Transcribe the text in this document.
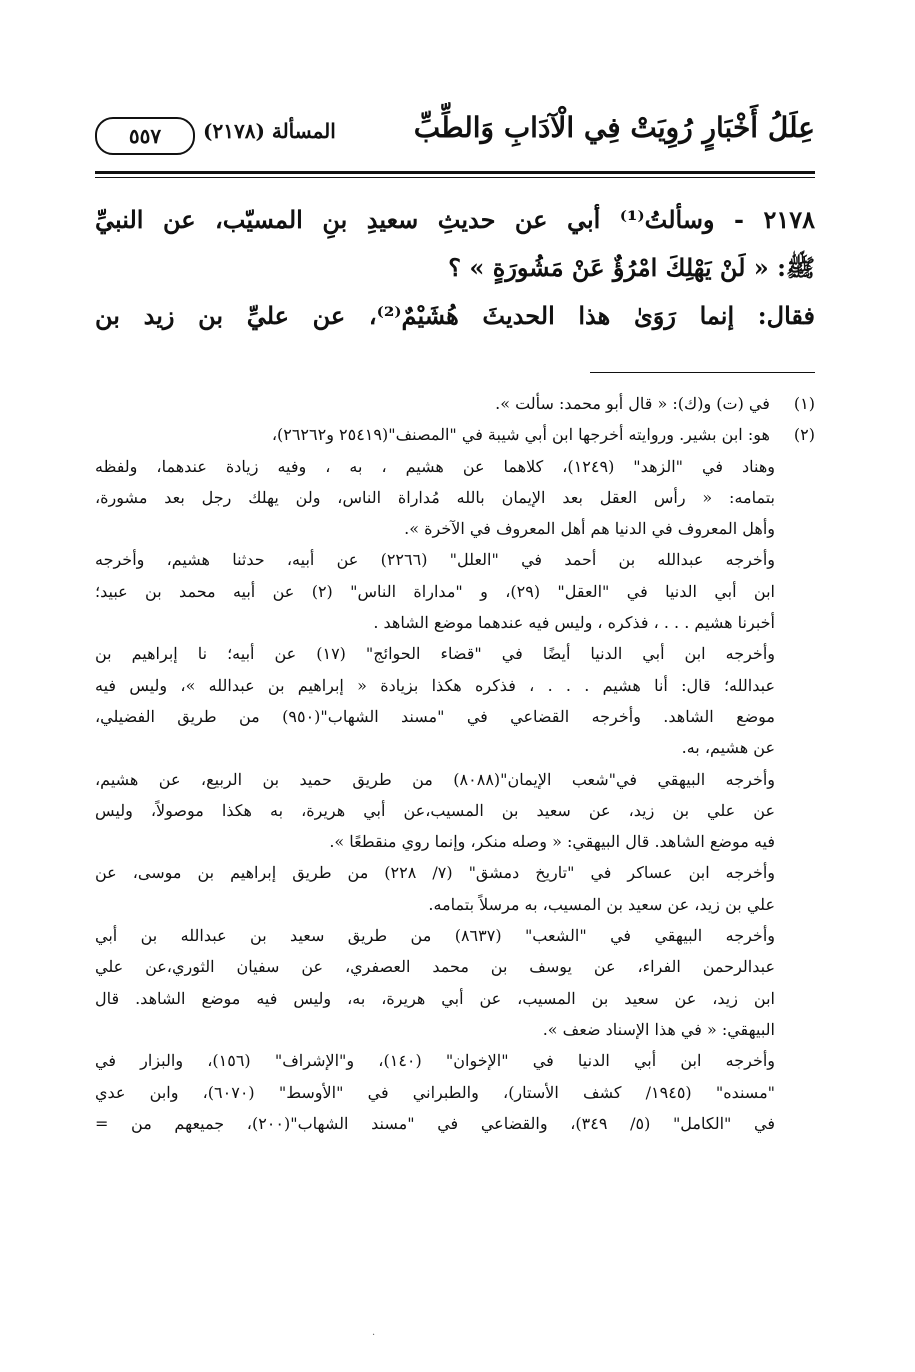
عِلَلُ أَخْبَارٍ رُوِيَتْ فِي الْآدَابِ وَالطِّبِّ
المسألة (٢١٧٨)
٥٥٧
٢١٧٨ - وسألتُ⁽¹⁾ أبي عن حديثِ سعيدِ بنِ المسيّب، عن النبيِّ
ﷺ: « لَنْ يَهْلِكَ امْرُؤٌ عَنْ مَشُورَةٍ » ؟
فقال: إنما رَوَىٰ هذا الحديثَ هُشَيْمٌ⁽²⁾، عن عليِّ بن زيد بن
(١) في (ت) و(ك): « قال أبو محمد: سألت ».
(٢) هو: ابن بشير. وروايته أخرجها ابن أبي شيبة في "المصنف"(٢٥٤١٩ و٢٦٢٦٢)،
وهناد في "الزهد" (١٢٤٩)، كلاهما عن هشيم ، به ، وفيه زيادة عندهما، ولفظه
بتمامه: « رأس العقل بعد الإيمان بالله مُداراة الناس، ولن يهلك رجل بعد مشورة،
وأهل المعروف في الدنيا هم أهل المعروف في الآخرة ».
وأخرجه عبدالله بن أحمد في "العلل" (٢٢٦٦) عن أبيه، حدثنا هشيم، وأخرجه
ابن أبي الدنيا في "العقل" (٢٩)، و "مداراة الناس" (٢) عن أبيه محمد بن عبيد؛
أخبرنا هشيم . . . ، فذكره ، وليس فيه عندهما موضع الشاهد .
وأخرجه ابن أبي الدنيا أيضًا في "قضاء الحوائج" (١٧) عن أبيه؛ نا إبراهيم بن
عبدالله؛ قال: أنا هشيم . . . ، فذكره هكذا بزيادة « إبراهيم بن عبدالله »، وليس فيه
موضع الشاهد. وأخرجه القضاعي في "مسند الشهاب"(٩٥٠) من طريق الفضيلي،
عن هشيم، به.
وأخرجه البيهقي في"شعب الإيمان"(٨٠٨٨) من طريق حميد بن الربيع، عن هشيم،
عن علي بن زيد، عن سعيد بن المسيب،عن أبي هريرة، به هكذا موصولاً، وليس
فيه موضع الشاهد. قال البيهقي: « وصله منكر، وإنما روي منقطعًا ».
وأخرجه ابن عساكر في "تاريخ دمشق" (٧/ ٢٢٨) من طريق إبراهيم بن موسى، عن
علي بن زيد، عن سعيد بن المسيب، به مرسلاً بتمامه.
وأخرجه البيهقي في "الشعب" (٨٦٣٧) من طريق سعيد بن عبدالله بن أبي
عبدالرحمن الفراء، عن يوسف بن محمد العصفري، عن سفيان الثوري،عن علي
ابن زيد، عن سعيد بن المسيب، عن أبي هريرة، به، وليس فيه موضع الشاهد. قال
البيهقي: « في هذا الإسناد ضعف ».
وأخرجه ابن أبي الدنيا في "الإخوان" (١٤٠)، و"الإشراف" (١٥٦)، والبزار في
"مسنده" (١٩٤٥/ كشف الأستار)، والطبراني في "الأوسط" (٦٠٧٠)، وابن عدي
في "الكامل" (٥/ ٣٤٩)، والقضاعي في "مسند الشهاب"(٢٠٠)، جميعهم من =
·
